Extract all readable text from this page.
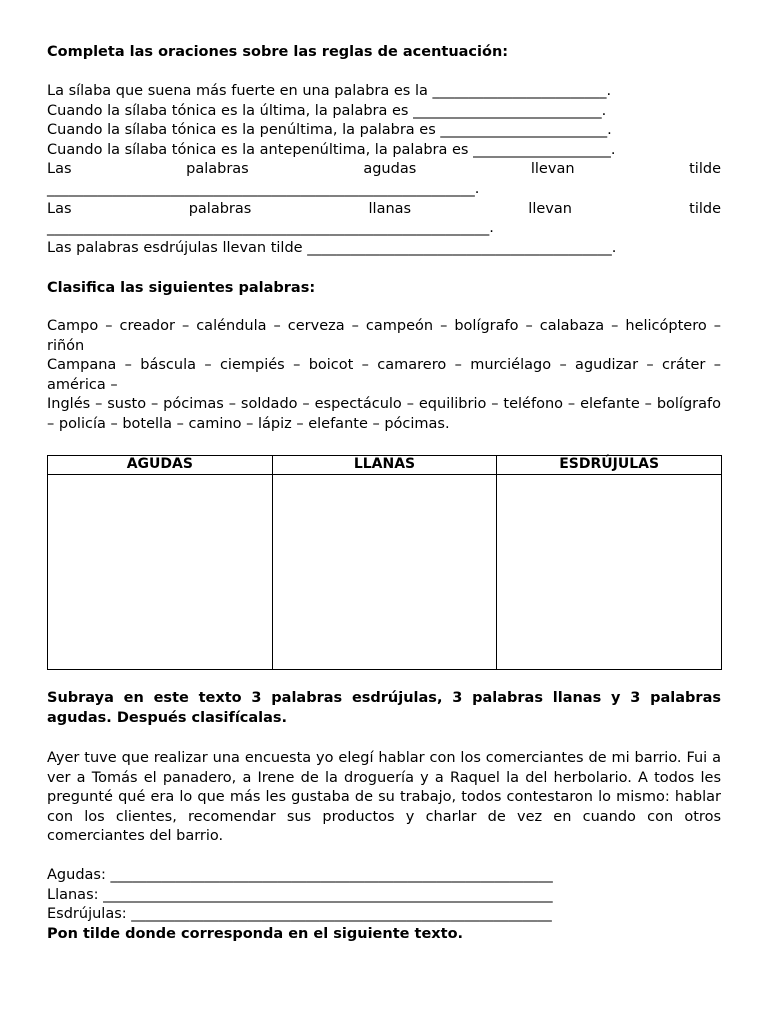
Completa las oraciones sobre las reglas de acentuación:
La sílaba que suena más fuerte en una palabra es la ________________________.
Cuando la sílaba tónica es la última, la palabra es __________________________.
Cuando la sílaba tónica es la penúltima, la palabra es _______________________.
Cuando la sílaba tónica es la antepenúltima, la palabra es ___________________.
Las palabras agudas llevan tilde
___________________________________________________________.
Las palabras llanas llevan tilde
_____________________________________________________________.
Las palabras esdrújulas llevan tilde __________________________________________.
Clasifica las siguientes palabras:
Campo – creador – caléndula – cerveza – campeón – bolígrafo – calabaza – helicóptero – riñón
Campana – báscula – ciempiés – boicot – camarero – murciélago – agudizar – cráter – américa –
Inglés – susto – pócimas – soldado – espectáculo – equilibrio – teléfono – elefante – bolígrafo – policía – botella – camino – lápiz – elefante – pócimas.
AGUDAS	LLANAS	ESDRÚJULAS

Subraya en este texto 3 palabras esdrújulas, 3 palabras llanas y 3 palabras agudas. Después clasifícalas.
Ayer tuve que realizar una encuesta yo elegí hablar con los comerciantes de mi barrio. Fui a ver a Tomás el panadero, a Irene de la droguería y a Raquel la del herbolario. A todos les pregunté qué era lo que más les gustaba de su trabajo, todos contestaron lo mismo: hablar con los clientes, recomendar sus productos y charlar de vez en cuando con otros comerciantes del barrio.
Agudas: _____________________________________________________________
Llanas: ______________________________________________________________
Esdrújulas: __________________________________________________________
Pon tilde donde corresponda en el siguiente texto.
